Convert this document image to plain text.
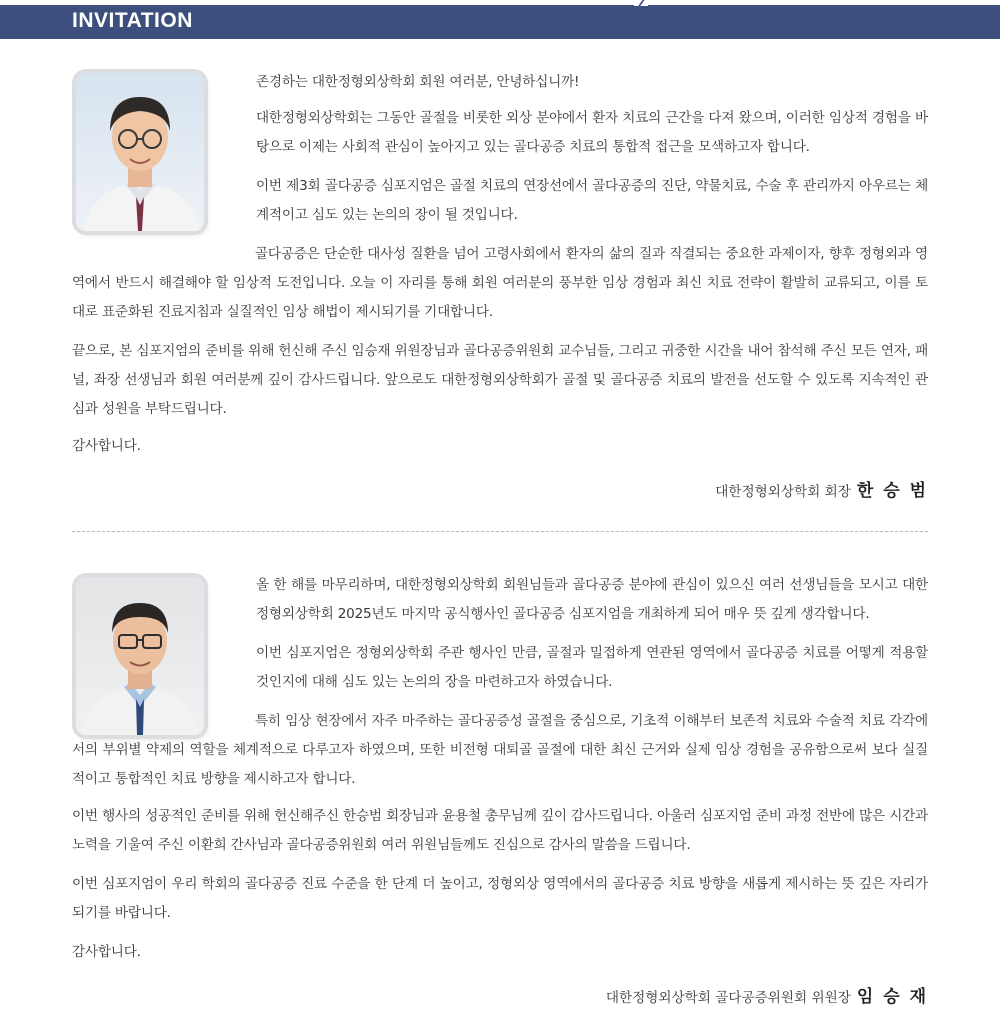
INVITATION

존경하는 대한정형외상학회 회원 여러분, 안녕하십니까!

대한정형외상학회는 그동안 골절을 비롯한 외상 분야에서 환자 치료의 근간을 다져 왔으며, 이러한 임상적 경험을 바탕으로 이제는 사회적 관심이 높아지고 있는 골다공증 치료의 통합적 접근을 모색하고자 합니다.

이번 제3회 골다공증 심포지엄은 골절 치료의 연장선에서 골다공증의 진단, 약물치료, 수술 후 관리까지 아우르는 체계적이고 심도 있는 논의의 장이 될 것입니다.

골다공증은 단순한 대사성 질환을 넘어 고령사회에서 환자의 삶의 질과 직결되는 중요한 과제이자, 향후 정형외과 영역에서 반드시 해결해야 할 임상적 도전입니다. 오늘 이 자리를 통해 회원 여러분의 풍부한 임상 경험과 최신 치료 전략이 활발히 교류되고, 이를 토대로 표준화된 진료지침과 실질적인 임상 해법이 제시되기를 기대합니다.

끝으로, 본 심포지엄의 준비를 위해 헌신해 주신 임승재 위원장님과 골다공증위원회 교수님들, 그리고 귀중한 시간을 내어 참석해 주신 모든 연자, 패널, 좌장 선생님과 회원 여러분께 깊이 감사드립니다. 앞으로도 대한정형외상학회가 골절 및 골다공증 치료의 발전을 선도할 수 있도록 지속적인 관심과 성원을 부탁드립니다.

감사합니다.

대한정형외상학회 회장 한 승 범

올 한 해를 마무리하며, 대한정형외상학회 회원님들과 골다공증 분야에 관심이 있으신 여러 선생님들을 모시고 대한정형외상학회 2025년도 마지막 공식행사인 골다공증 심포지엄을 개최하게 되어 매우 뜻 깊게 생각합니다.

이번 심포지엄은 정형외상학회 주관 행사인 만큼, 골절과 밀접하게 연관된 영역에서 골다공증 치료를 어떻게 적용할 것인지에 대해 심도 있는 논의의 장을 마련하고자 하였습니다.

특히 임상 현장에서 자주 마주하는 골다공증성 골절을 중심으로, 기초적 이해부터 보존적 치료와 수술적 치료 각각에서의 부위별 약제의 역할을 체계적으로 다루고자 하였으며, 또한 비전형 대퇴골 골절에 대한 최신 근거와 실제 임상 경험을 공유함으로써 보다 실질적이고 통합적인 치료 방향을 제시하고자 합니다.

이번 행사의 성공적인 준비를 위해 헌신해주신 한승범 회장님과 윤용철 총무님께 깊이 감사드립니다. 아울러 심포지엄 준비 과정 전반에 많은 시간과 노력을 기울여 주신 이환희 간사님과 골다공증위원회 여러 위원님들께도 진심으로 감사의 말씀을 드립니다.

이번 심포지엄이 우리 학회의 골다공증 진료 수준을 한 단계 더 높이고, 정형외상 영역에서의 골다공증 치료 방향을 새롭게 제시하는 뜻 깊은 자리가 되기를 바랍니다.

감사합니다.

대한정형외상학회 골다공증위원회 위원장 임 승 재
